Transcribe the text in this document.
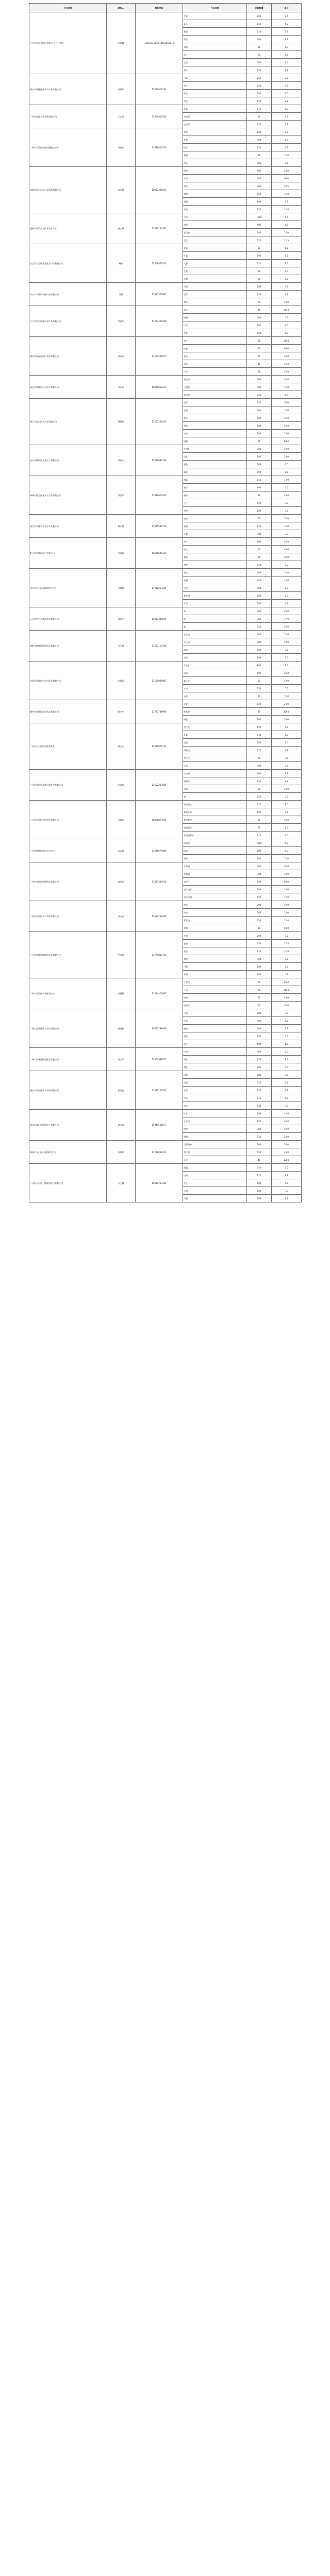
企业名称	联系人	联系电话	产品名称	采购数量	单价
广州中洲农业投资有限公司（广州市）	李建峰	13922345678/18602050012	生菜	200	3.5
			菜心	150	4.0
			番茄	120	5.2
			黄瓜	100	3.8
			辣椒	80	6.0
			茄子	90	4.2
			土豆	300	2.5
			萝卜	250	1.8
佛山市顺德区嘉禾农产品有限公司	陈丽华	13790011234	白菜	260	2.2
			芥兰	120	4.6
			冬瓜	180	1.6
			南瓜	150	2.1
广州市绿源农业发展有限公司	王志明	15800012345	菠菜	110	5.0
			油麦菜	90	4.3
			空心菜	130	3.9
广州市天河区新鲜果蔬配送中心	刘晓东	13688812345	苹果	200	8.5
			香蕉	300	4.8
			橙子	150	6.2
			葡萄	80	12.0
			西瓜	400	2.6
深圳市海吉星农产品物流有限公司	张国强	18922334455	猪肉	500	28.0
			牛肉	200	68.0
			鸡肉	300	18.5
			鸭肉	150	16.0
			鸡蛋	600	9.8
			鲜鱼	250	22.0
惠州市博罗县农民专业合作社	黄少峰	13531234567	大米	1000	5.6
			面粉	500	4.2
			食用油	200	15.0
			花生	120	11.5
东莞市长安镇蔬菜批发市场有限公司	林伟	13809876543	韭菜	80	6.5
			芹菜	100	4.8
			大葱	120	3.5
			生姜	60	9.0
			大蒜	90	8.2
中山市小榄镇农副产品有限公司	吴敏	15912340987	豆腐	200	3.2
			豆芽	150	2.4
			腐竹	60	18.0
江门市新会区陈皮农产品有限公司	梁振华	13723456789	陈皮	40	120.0
			柑橘	300	5.5
			柠檬	100	7.0
			菠萝	150	4.0
肇庆市端州区绿色食品有限公司	何家明	13600556677	茶叶	30	180.0
			蜂蜜	50	65.0
			香菇	60	38.0
			木耳	40	45.0
			红枣	80	22.0
清远市清城区生态农业有限公司	邓志刚	18820012233	清远鸡	200	32.0
			土鸡蛋	300	15.0
			麻竹笋	120	6.8
湛江市霞山区水产品有限公司	蔡晓玲	13502233445	对虾	150	58.0
			生蚝	300	12.0
			鱿鱼	100	36.0
			带鱼	180	26.0
			扇贝	200	18.0
			螃蟹	80	88.0
汕头市潮南区食品加工有限公司	郑伟杰	15099887766	牛肉丸	200	42.0
			鱼丸	180	28.0
			粿条	300	6.0
			腌菜	100	8.5
梅州市梅县区客家农产品有限公司	罗国华	13826655443	梅菜	150	12.0
			柚子	400	4.5
			腊肉	80	48.0
			豆干	120	9.0
			米粉	200	7.2
韶关市南雄市农业开发有限公司	谢永强	13925566778	银杏	50	35.0
			板栗	120	16.0
			红薯	300	3.0
阳江市江城区海产有限公司	许海波	18665544332	鱼干	100	55.0
			虾皮	60	40.0
			紫菜	80	30.0
			海带	150	8.0
茂名市电白区荔枝种植合作社	冯德胜	13711223344	荔枝	500	12.0
			龙眼	400	10.0
			芒果	300	8.8
			番石榴	200	6.0
			木瓜	180	4.2
云浮市新兴县禽畜养殖有限公司	钟伟文	15013344556	鸡	400	20.0
			鸭	300	17.0
			鹅	150	26.0
揭阳市榕城区粮油贸易有限公司	方少雄	13622113344	花生油	200	22.0
			大豆油	300	14.0
			糯米	200	7.5
			绿豆	100	9.6
河源市源城区山泉水农业有限公司	叶建国	13580099887	矿泉水	800	1.5
			米酒	100	25.0
			霸王花	60	42.0
			竹笋	150	5.5
			油茶	50	75.0
潮州市湘桥区凉果食品有限公司	詹少华	13717788990	凉果	120	28.0
			单丛茶	40	220.0
			橄榄	100	18.0
广州市白云区江高蔬菜基地	骆文杰	15920011122	西兰花	150	6.2
			花菜	140	5.0
			包菜	260	2.0
			四季豆	110	6.8
			荷兰豆	90	9.5
			玉米	300	2.8
广州市番禺区沙湾水果批发有限公司	麦嘉欣	13602233455	火龙果	200	7.8
			猕猴桃	150	9.2
			草莓	80	18.0
			梨	250	5.6
广州市从化区有机农场有限公司	区海燕	18998877665	有机菜心	120	8.0
			有机生菜	100	7.5
			有机番茄	90	10.0
			有机黄瓜	80	8.5
			有机胡萝卜	110	6.0
广州市增城区丝苗米合作社	朱志雄	13926677889	丝苗米	1200	6.8
			糙米	200	8.0
			黑米	100	12.0
广州市花都区冷链物流有限公司	高明远	13833344556	冻鸡翅	300	26.0
			冻鸡腿	300	18.0
			冻虾仁	100	60.0
			速冻饺子	200	14.0
			速冻汤圆	150	12.0
广州市南沙区水产养殖有限公司	何永安	15622233445	鲈鱼	200	32.0
			草鱼	300	14.0
			罗非鱼	250	12.0
			黄鳝	80	60.0
广州市黄埔区调味品贸易有限公司	卢家辉	13799887766	生抽	200	9.5
			老抽	150	10.5
			蚝油	120	12.8
			食盐	300	2.5
			白糖	200	6.5
			米醋	100	5.8
广州市荔湾区干货批发中心	苏慧敏	13544455667	干香菇	60	85.0
			干贝	30	260.0
			枸杞	50	48.0
			桂圆干	60	36.0
广州市越秀区综合农贸有限公司	潘国栋	18677788990	豆浆	200	3.0
			牛奶	400	6.5
			酸奶	300	5.8
			面包	250	4.5
			馒头	500	1.2
广州市海珠区粮油副食有限公司	袁志华	13600998877	挂面	300	5.0
			粉丝	150	8.5
			腐乳	100	7.0
佛山市南海区里水农场有限公司	崔国良	13511223300	通菜	180	3.6
			苋菜	120	4.4
			丝瓜	140	4.8
			苦瓜	110	5.2
			节瓜	130	3.9
惠州市惠阳区鲜肉加工有限公司	赖永辉	15944556677	排骨	200	42.0
			五花肉	250	30.0
			瘦肉	300	32.0
			猪蹄	120	24.0
珠海市斗门区白蕉海鲈合作社	伍海明	13788990011	白蕉海鲈	300	30.0
			黄立鲳	120	48.0
			禾虫	40	120.0
广州市天河区石牌蔬果配送有限公司	古文静	18911223344	莲藕	150	6.5
			山药	120	9.8
			芋头	200	4.2
			马蹄	100	7.0
			洋葱	260	2.8
